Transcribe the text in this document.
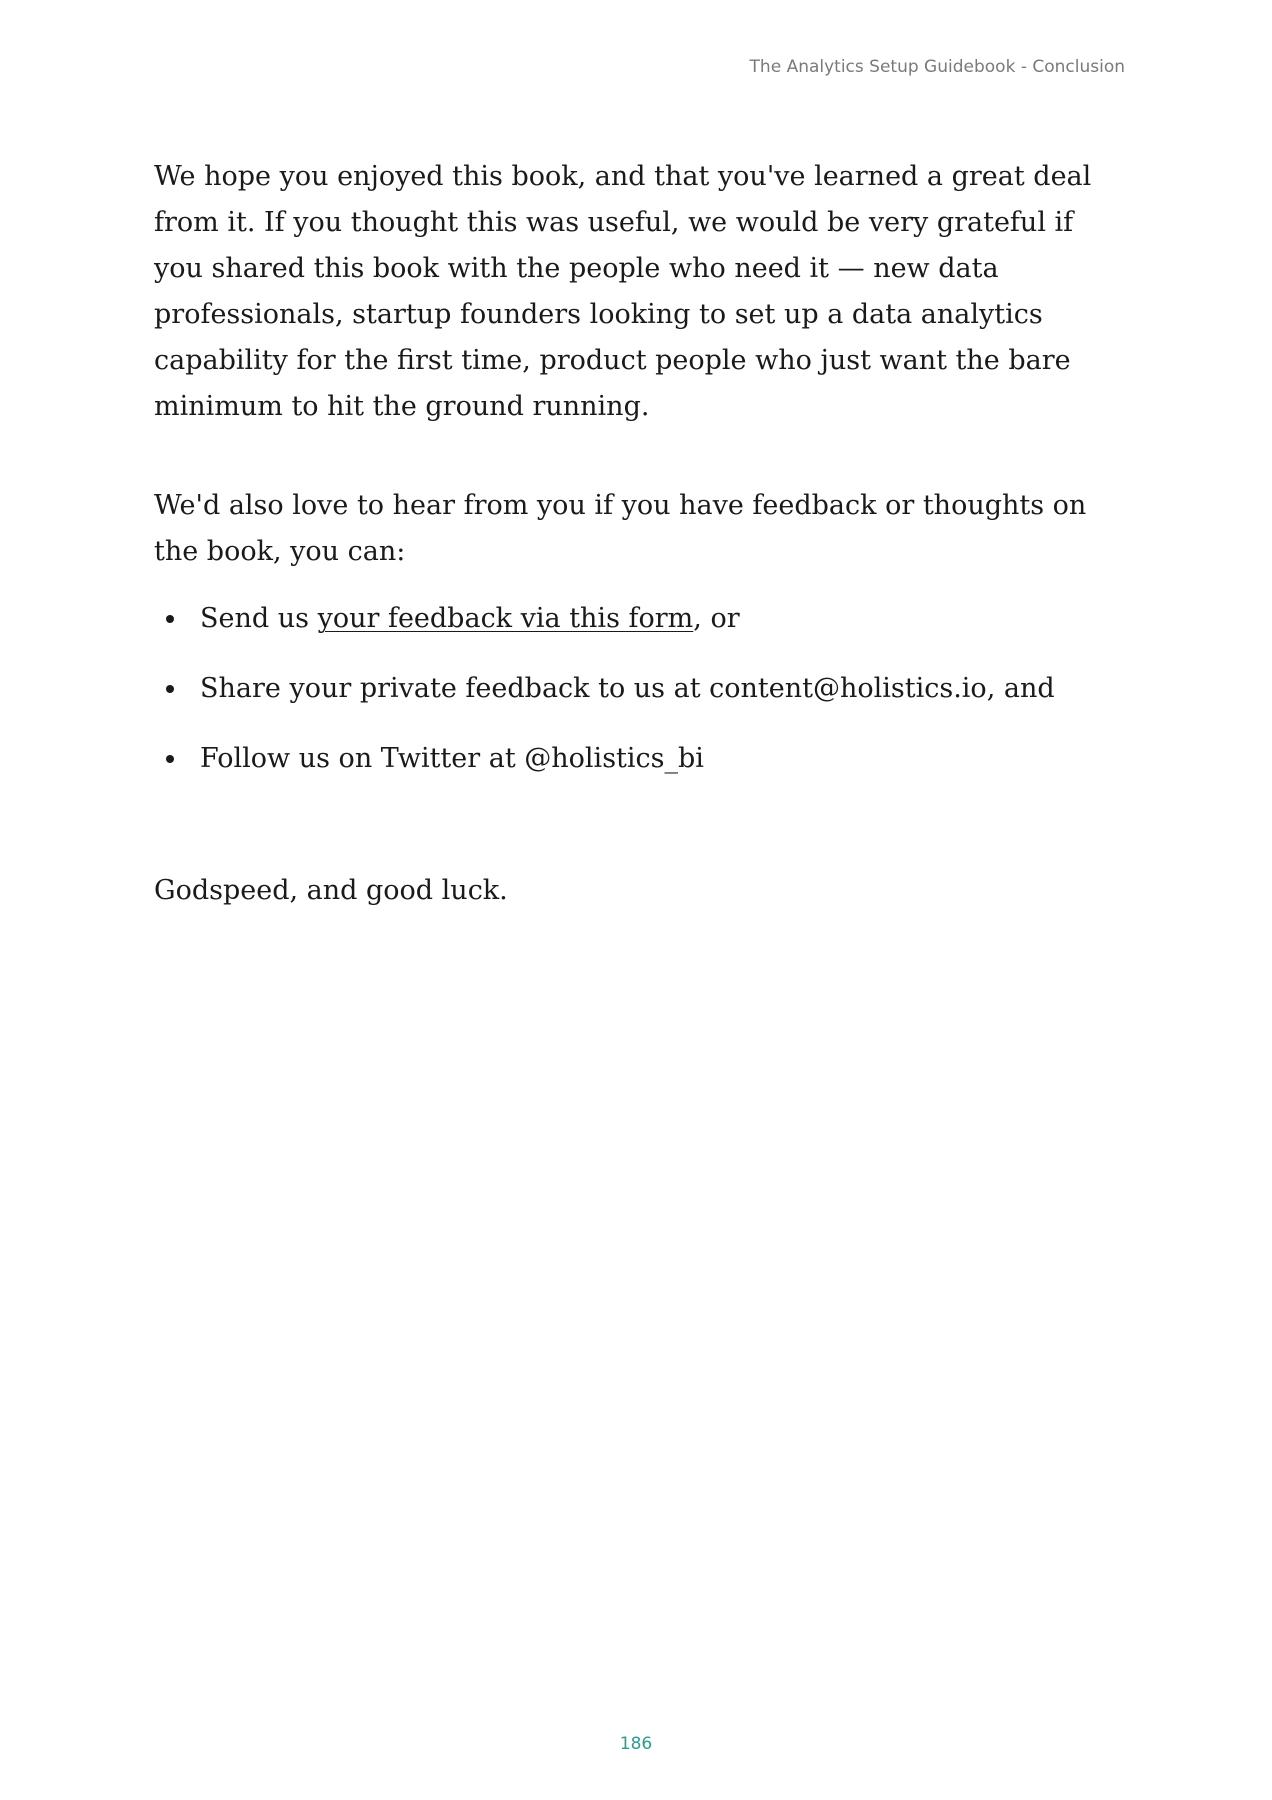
The Analytics Setup Guidebook - Conclusion

We hope you enjoyed this book, and that you've learned a great deal from it. If you thought this was useful, we would be very grateful if you shared this book with the people who need it — new data professionals, startup founders looking to set up a data analytics capability for the first time, product people who just want the bare minimum to hit the ground running.

We'd also love to hear from you if you have feedback or thoughts on the book, you can:

Send us your feedback via this form, or
Share your private feedback to us at content@holistics.io, and
Follow us on Twitter at @holistics_bi

Godspeed, and good luck.

186
